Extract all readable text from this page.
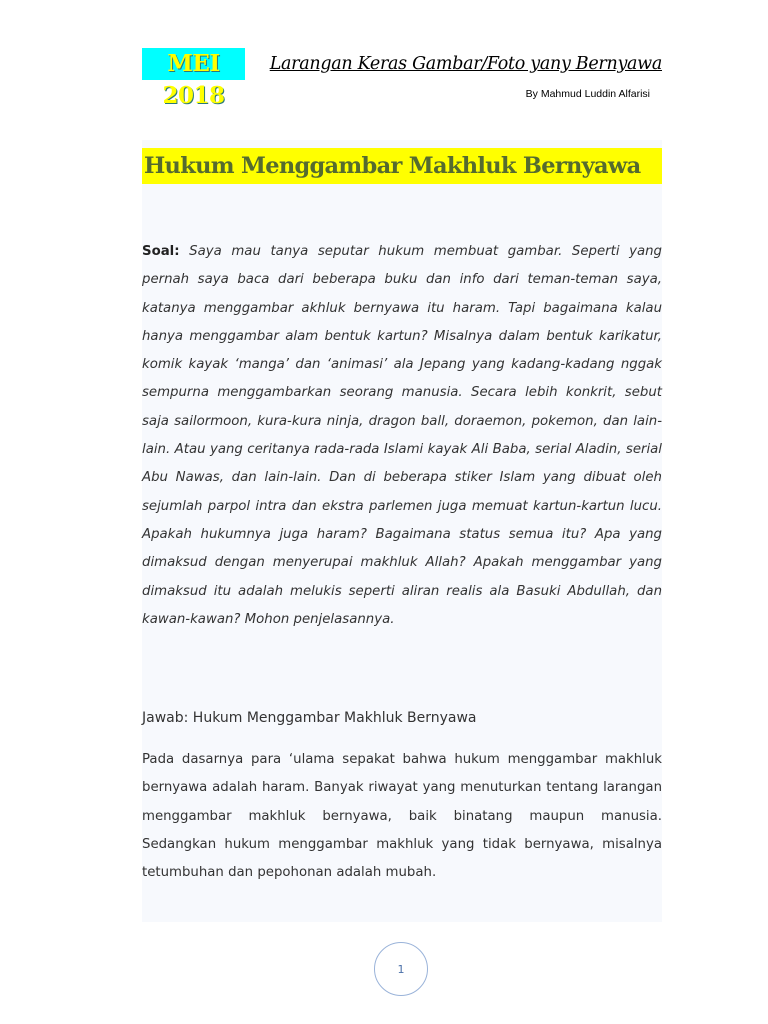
MEI 2018
Larangan Keras Gambar/Foto yany Bernyawa
By Mahmud Luddin Alfarisi
Hukum Menggambar Makhluk Bernyawa

Soal: Saya mau tanya seputar hukum membuat gambar. Seperti yang pernah saya baca dari beberapa buku dan info dari teman-teman saya, katanya menggambar akhluk bernyawa itu haram. Tapi bagaimana kalau hanya menggambar alam bentuk kartun? Misalnya dalam bentuk karikatur, komik kayak ‘manga’ dan ‘animasi’ ala Jepang yang kadang-kadang nggak sempurna menggambarkan seorang manusia. Secara lebih konkrit, sebut saja sailormoon, kura-kura ninja, dragon ball, doraemon, pokemon, dan lain-lain. Atau yang ceritanya rada-rada Islami kayak Ali Baba, serial Aladin, serial Abu Nawas, dan lain-lain. Dan di beberapa stiker Islam yang dibuat oleh sejumlah parpol intra dan ekstra parlemen juga memuat kartun-kartun lucu. Apakah hukumnya juga haram? Bagaimana status semua itu? Apa yang dimaksud dengan menyerupai makhluk Allah? Apakah menggambar yang dimaksud itu adalah melukis seperti aliran realis ala Basuki Abdullah, dan kawan-kawan? Mohon penjelasannya.

Jawab: Hukum Menggambar Makhluk Bernyawa

Pada dasarnya para ‘ulama sepakat bahwa hukum menggambar makhluk bernyawa adalah haram. Banyak riwayat yang menuturkan tentang larangan menggambar makhluk bernyawa, baik binatang maupun manusia. Sedangkan hukum menggambar makhluk yang tidak bernyawa, misalnya tetumbuhan dan pepohonan adalah mubah.

1
